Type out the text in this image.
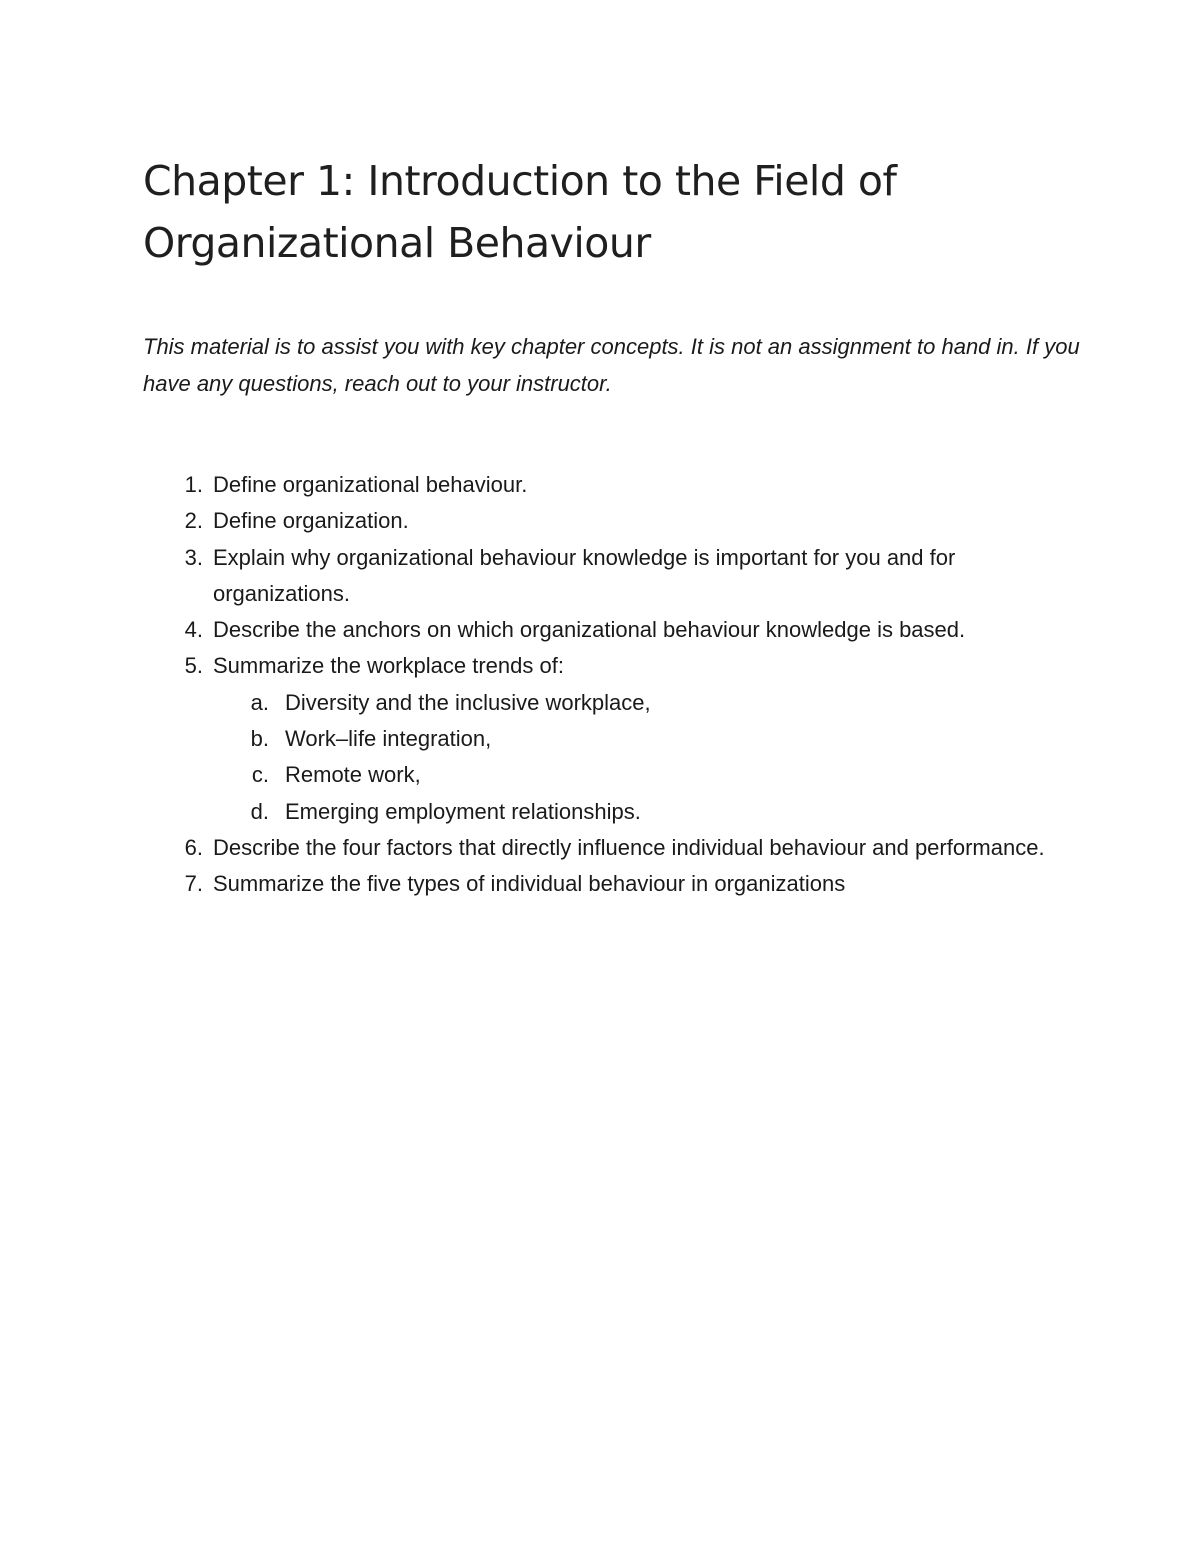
Chapter 1: Introduction to the Field of Organizational Behaviour

This material is to assist you with key chapter concepts. It is not an assignment to hand in. If you have any questions, reach out to your instructor.

1. Define organizational behaviour.
2. Define organization.
3. Explain why organizational behaviour knowledge is important for you and for organizations.
4. Describe the anchors on which organizational behaviour knowledge is based.
5. Summarize the workplace trends of:
a. Diversity and the inclusive workplace,
b. Work–life integration,
c. Remote work,
d. Emerging employment relationships.
6. Describe the four factors that directly influence individual behaviour and performance.
7. Summarize the five types of individual behaviour in organizations
